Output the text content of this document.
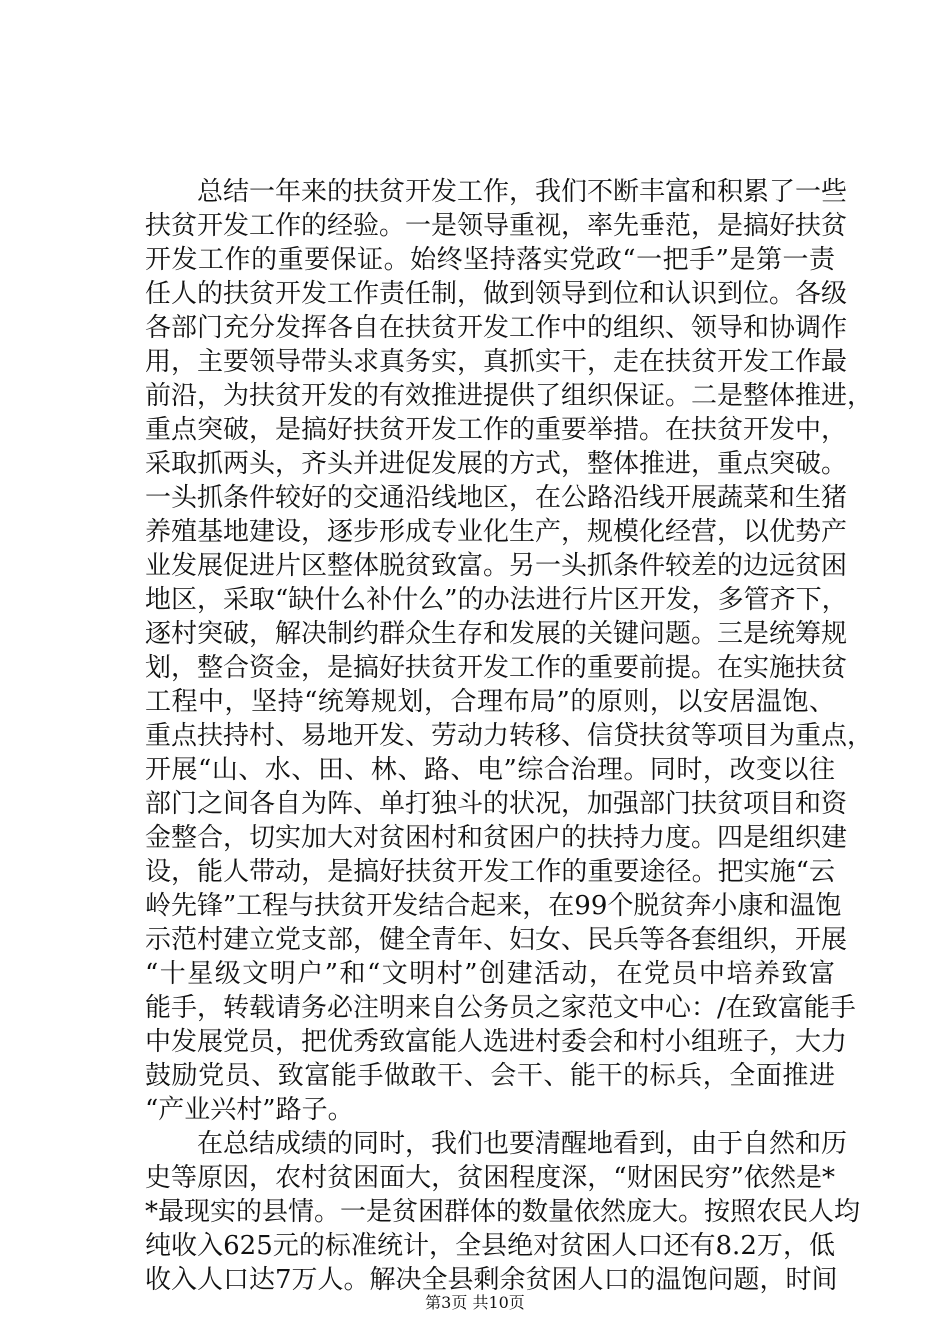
　　总结一年来的扶贫开发工作，我们不断丰富和积累了一些
扶贫开发工作的经验。一是领导重视，率先垂范，是搞好扶贫
开发工作的重要保证。始终坚持落实党政“一把手”是第一责
任人的扶贫开发工作责任制，做到领导到位和认识到位。各级
各部门充分发挥各自在扶贫开发工作中的组织、领导和协调作
用，主要领导带头求真务实，真抓实干，走在扶贫开发工作最
前沿，为扶贫开发的有效推进提供了组织保证。二是整体推进，
重点突破，是搞好扶贫开发工作的重要举措。在扶贫开发中，
采取抓两头，齐头并进促发展的方式，整体推进，重点突破。
一头抓条件较好的交通沿线地区，在公路沿线开展蔬菜和生猪
养殖基地建设，逐步形成专业化生产，规模化经营，以优势产
业发展促进片区整体脱贫致富。另一头抓条件较差的边远贫困
地区，采取“缺什么补什么”的办法进行片区开发，多管齐下，
逐村突破，解决制约群众生存和发展的关键问题。三是统筹规
划，整合资金，是搞好扶贫开发工作的重要前提。在实施扶贫
工程中，坚持“统筹规划，合理布局”的原则，以安居温饱、
重点扶持村、易地开发、劳动力转移、信贷扶贫等项目为重点，
开展“山、水、田、林、路、电”综合治理。同时，改变以往
部门之间各自为阵、单打独斗的状况，加强部门扶贫项目和资
金整合，切实加大对贫困村和贫困户的扶持力度。四是组织建
设，能人带动，是搞好扶贫开发工作的重要途径。把实施“云
岭先锋”工程与扶贫开发结合起来，在99个脱贫奔小康和温饱
示范村建立党支部，健全青年、妇女、民兵等各套组织，开展
“十星级文明户”和“文明村”创建活动，在党员中培养致富
能手，转载请务必注明来自公务员之家范文中心：/在致富能手
中发展党员，把优秀致富能人选进村委会和村小组班子，大力
鼓励党员、致富能手做敢干、会干、能干的标兵，全面推进
“产业兴村”路子。
　　在总结成绩的同时，我们也要清醒地看到，由于自然和历
史等原因，农村贫困面大，贫困程度深，“财困民穷”依然是*
*最现实的县情。一是贫困群体的数量依然庞大。按照农民人均
纯收入625元的标准统计，全县绝对贫困人口还有8.2万，低
收入人口达7万人。解决全县剩余贫困人口的温饱问题，时间
第3页 共10页
